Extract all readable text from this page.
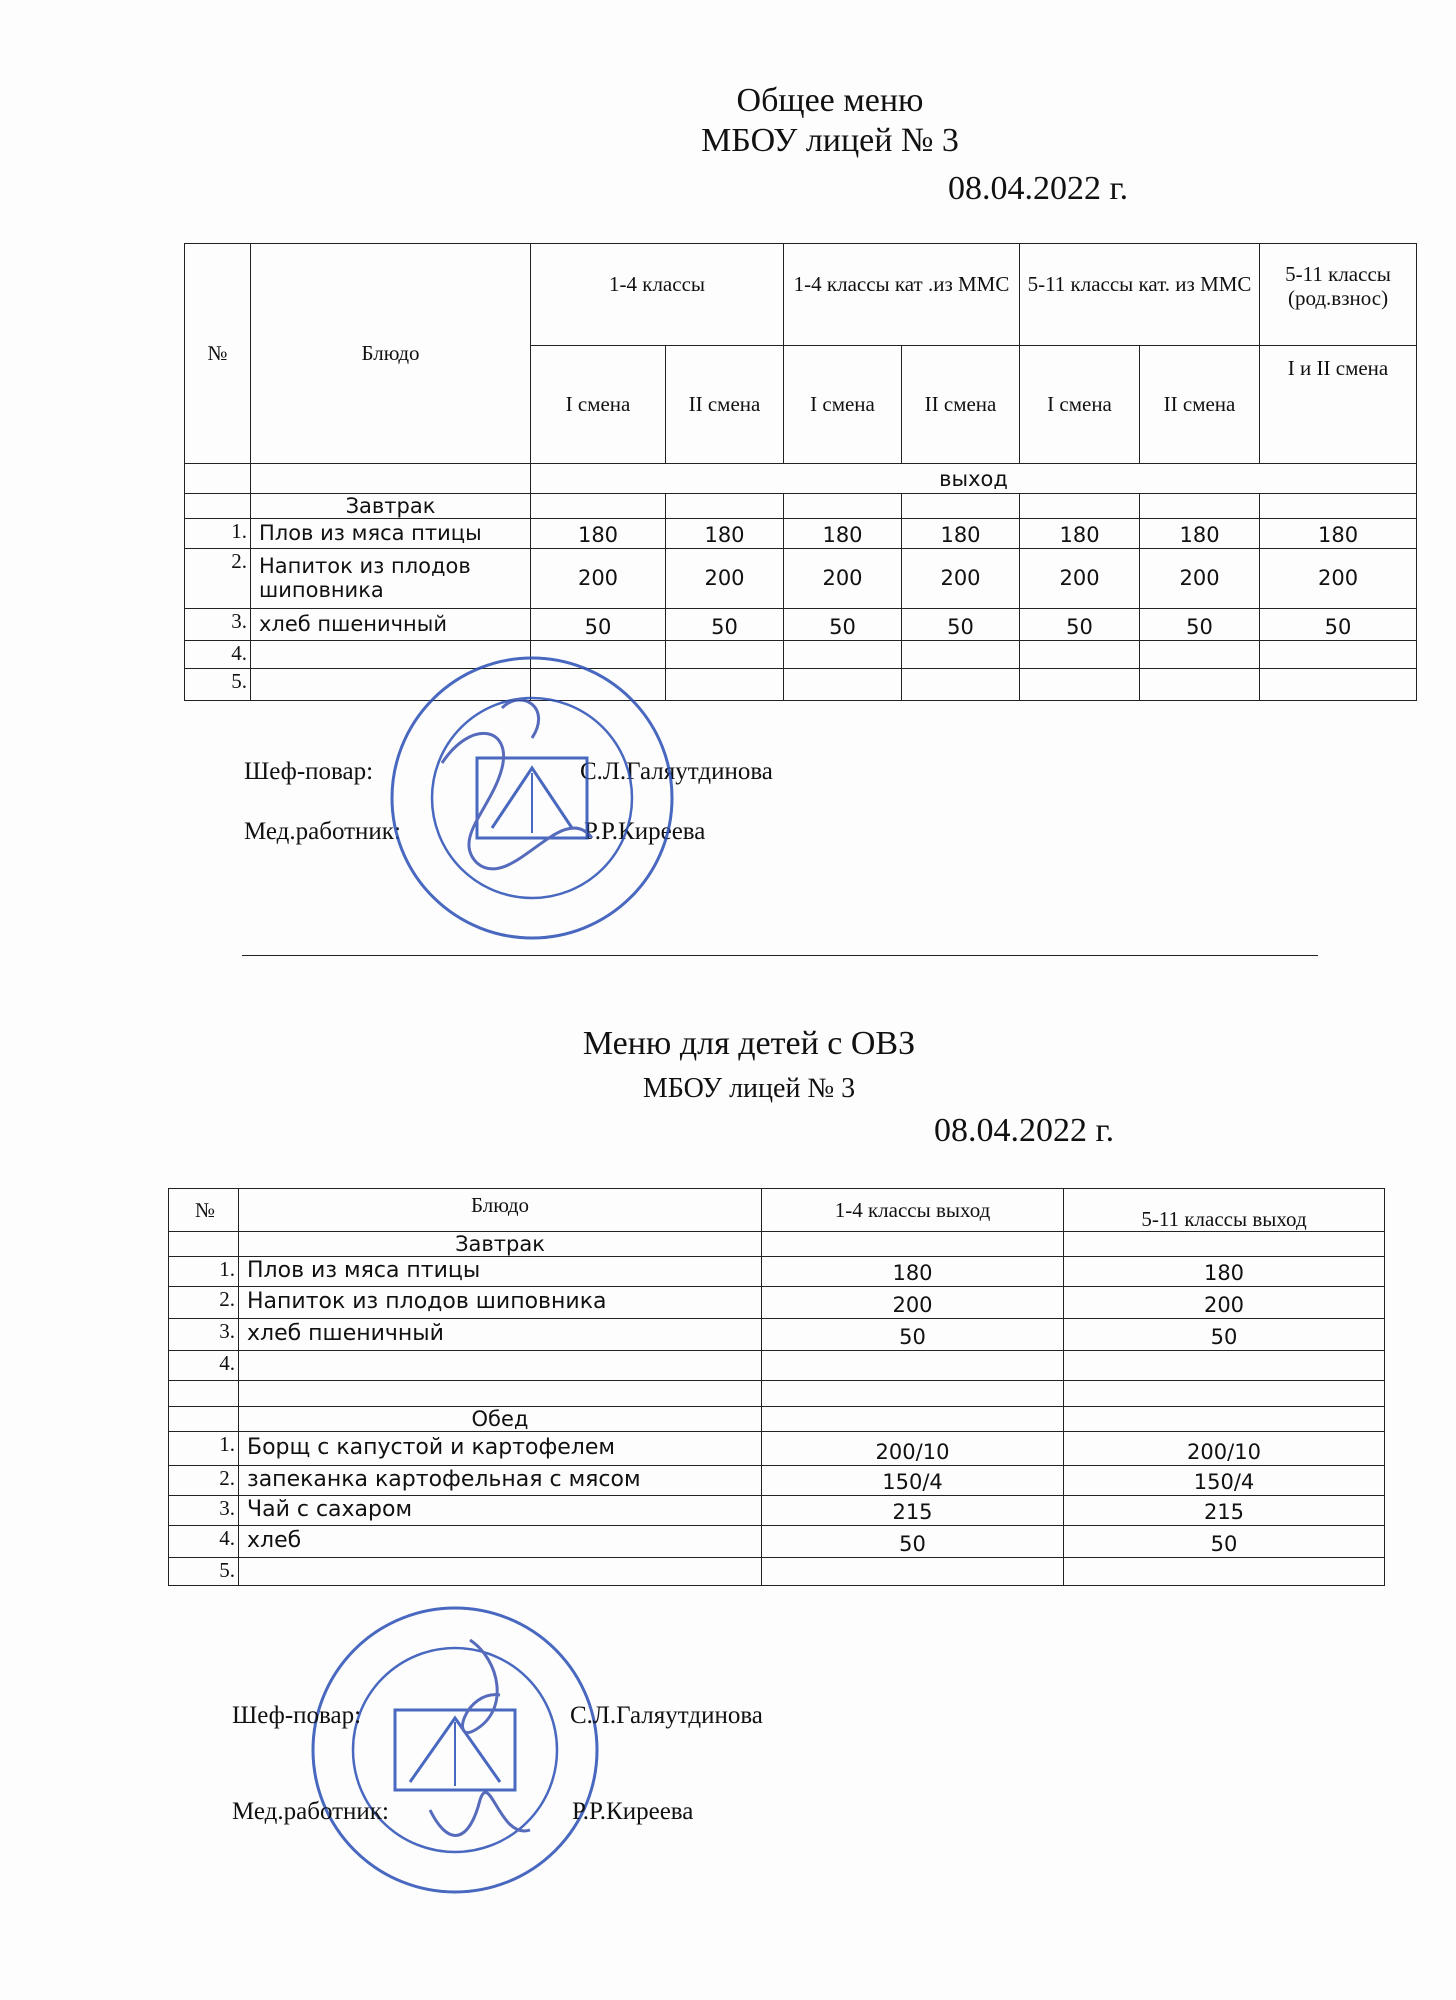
Общее меню
МБОУ лицей № 3
08.04.2022 г.
№	Блюдо	1-4 классы		1-4 классы кат .из ММС		5-11 классы кат. из ММС		5-11 классы (род.взнос)
		I смена	II смена	I смена	II смена	I смена	II смена	I и II смена
		выход						
	Завтрак							
1.	Плов из мяса птицы	180	180	180	180	180	180	180
2.	Напиток из плодов шиповника	200	200	200	200	200	200	200
3.	хлеб пшеничный	50	50	50	50	50	50	50
4.								
5.								
Шеф-повар:	С.Л.Галяутдинова
Мед.работник:	Р.Р.Киреева
Меню для детей с ОВЗ
МБОУ лицей № 3
08.04.2022 г.
№	Блюдо	1-4 классы выход	5-11 классы выход
	Завтрак		
1.	Плов из мяса птицы	180	180
2.	Напиток из плодов шиповника	200	200
3.	хлеб пшеничный	50	50
4.			

	Обед		
1.	Борщ с капустой и картофелем	200/10	200/10
2.	запеканка картофельная с мясом	150/4	150/4
3.	Чай с сахаром	215	215
4.	хлеб	50	50
5.			
Шеф-повар:	С.Л.Галяутдинова
Мед.работник:	Р.Р.Киреева
